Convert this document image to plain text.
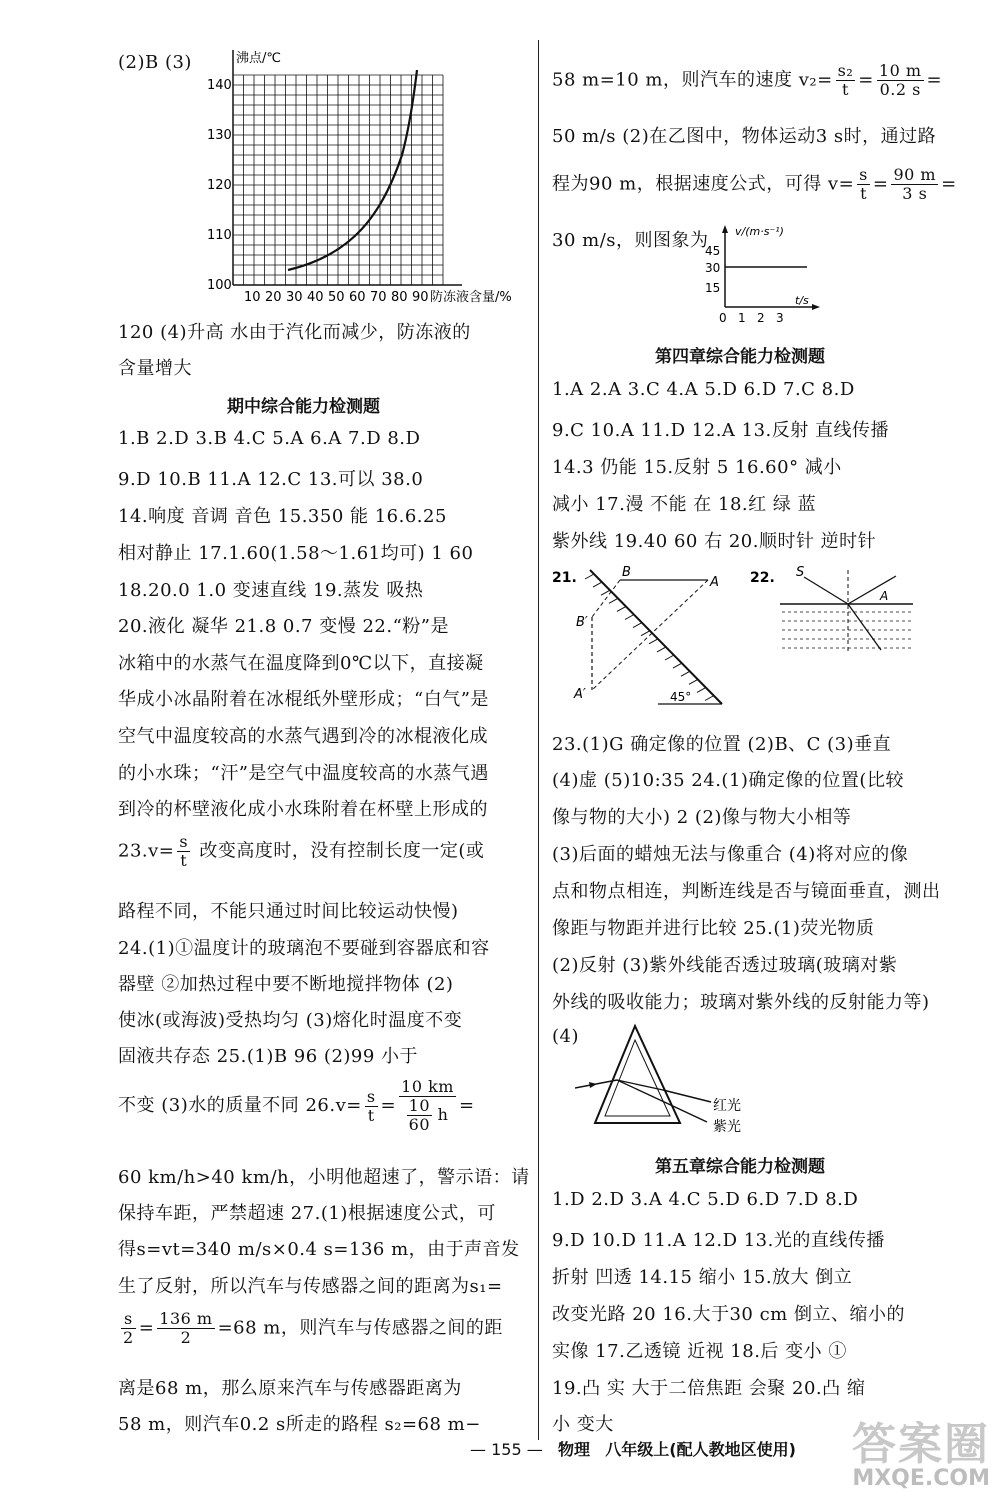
(2)B (3)	沸点/℃
140
130
120
110
100
10 20 30 40 50 60 70 80 90 防冻液含量/%
120 (4)升高 水由于汽化而减少，防冻液的
含量增大
期中综合能力检测题
1.B 2.D 3.B 4.C 5.A 6.A 7.D 8.D
9.D 10.B 11.A 12.C 13.可以 38.0
14.响度 音调 音色 15.350 能 16.6.25
相对静止 17.1.60(1.58～1.61均可) 1 60
18.20.0 1.0 变速直线 19.蒸发 吸热
20.液化 凝华 21.8 0.7 变慢 22.“粉”是
冰箱中的水蒸气在温度降到0℃以下，直接凝
华成小冰晶附着在冰棍纸外壁形成；“白气”是
空气中温度较高的水蒸气遇到冷的冰棍液化成
的小水珠；“汗”是空气中温度较高的水蒸气遇
到冷的杯壁液化成小水珠附着在杯壁上形成的
$23.v= \frac{s}{t}$ 改变高度时，没有控制长度一定(或
路程不同，不能只通过时间比较运动快慢)
24.(1)①温度计的玻璃泡不要碰到容器底和容
器壁 ②加热过程中要不断地搅拌物体 (2)
使冰(或海波)受热均匀 (3)熔化时温度不变
固液共存态 25.(1)B 96 (2)99 小于
不变 (3)水的质量不同 $26.v= \frac{s}{t} = \frac{10 km}{\frac{10}{60} h}$ =
60 km/h>40 km/h，小明他超速了，警示语：请
保持车距，严禁超速 27.(1)根据速度公式，可
得s=vt=340 m/s×0.4 s=136 m，由于声音发
生了反射，所以汽车与传感器之间的距离为s₁=
$\frac{s}{2} = \frac{136 m}{2} =68$ m，则汽车与传感器之间的距
离是68 m，那么原来汽车与传感器距离为
58 m，则汽车0.2 s所走的路程 s₂=68 m−
58 m=10 m，则汽车的速度 $v_2= \frac{\text{s₂}}{t} = \frac{10 m}{0.2 s}$ =
50 m/s (2)在乙图中，物体运动3 s时，通过路
程为90 m，根据速度公式，可得 $v= \frac{s}{t} = \frac{90 m}{3 s}$ =
30 m/s，则图象为 v/(m·s⁻¹)
45
30
15
0 1 2 3
t/s
第四章综合能力检测题
1.A 2.A 3.C 4.A 5.D 6.D 7.C 8.D
9.C 10.A 11.D 12.A 13.反射 直线传播
14.3 仍能 15.反射 5 16.60° 减小
减小 17.漫 不能 在 18.红 绿 蓝
紫外线 19.40 60 右 20.顺时针 逆时针
21.	B
A
B′
A′	45°
22. S
A
23.(1)G 确定像的位置 (2)B、C (3)垂直
(4)虚 (5)10:35 24.(1)确定像的位置(比较
像与物的大小) 2 (2)像与物大小相等
(3)后面的蜡烛无法与像重合 (4)将对应的像
点和物点相连，判断连线是否与镜面垂直，测出
像距与物距并进行比较 25.(1)荧光物质
(2)反射 (3)紫外线能否透过玻璃(玻璃对紫
外线的吸收能力；玻璃对紫外线的反射能力等)
(4)
红光
紫光
第五章综合能力检测题
1.D 2.D 3.A 4.C 5.D 6.D 7.D 8.D
9.D 10.D 11.A 12.D 13.光的直线传播
折射 凹透 14.15 缩小 15.放大 倒立
改变光路 20 16.大于30 cm 倒立、缩小的
实像 17.乙透镜 近视 18.后 变小 ①
19.凸 实 大于二倍焦距 会聚 20.凸 缩
小 变大
— 155 — 物理 八年级上(配人教地区使用) 答案圈
MXQE.COM
